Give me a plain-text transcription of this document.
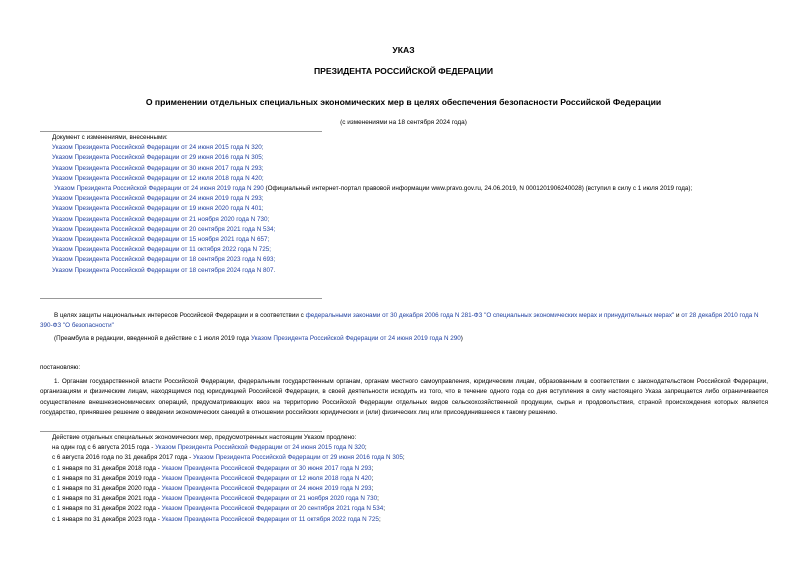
УКАЗ
ПРЕЗИДЕНТА РОССИЙСКОЙ ФЕДЕРАЦИИ
О применении отдельных специальных экономических мер в целях обеспечения безопасности Российской Федерации
(с изменениями на 18 сентября 2024 года)

Документ с изменениями, внесенными:

Указом Президента Российской Федерации от 24 июня 2015 года N 320;

Указом Президента Российской Федерации от 29 июня 2016 года N 305;

Указом Президента Российской Федерации от 30 июня 2017 года N 293;

Указом Президента Российской Федерации от 12 июля 2018 года N 420;

Указом Президента Российской Федерации от 24 июня 2019 года N 290 (Официальный интернет-портал правовой информации www.pravo.gov.ru, 24.06.2019, N 0001201906240028) (вступил в силу с 1 июля 2019 года);

Указом Президента Российской Федерации от 24 июня 2019 года N 293;

Указом Президента Российской Федерации от 19 июня 2020 года N 401;

Указом Президента Российской Федерации от 21 ноября 2020 года N 730;

Указом Президента Российской Федерации от 20 сентября 2021 года N 534;

Указом Президента Российской Федерации от 15 ноября 2021 года N 657;

Указом Президента Российской Федерации от 11 октября 2022 года N 725;

Указом Президента Российской Федерации от 18 сентября 2023 года N 693;

Указом Президента Российской Федерации от 18 сентября 2024 года N 807.

В целях защиты национальных интересов Российской Федерации и в соответствии с федеральными законами от 30 декабря 2006 года N 281-ФЗ "О специальных экономических мерах и принудительных мерах" и от 28 декабря 2010 года N 390-ФЗ "О безопасности"

(Преамбула в редакции, введенной в действие с 1 июля 2019 года Указом Президента Российской Федерации от 24 июня 2019 года N 290)

постановляю:

1. Органам государственной власти Российской Федерации, федеральным государственным органам, органам местного самоуправления, юридическим лицам, образованным в соответствии с законодательством Российской Федерации, организациям и физическим лицам, находящимся под юрисдикцией Российской Федерации, в своей деятельности исходить из того, что в течение одного года со дня вступления в силу настоящего Указа запрещается либо ограничивается осуществление внешнеэкономических операций, предусматривающих ввоз на территорию Российской Федерации отдельных видов сельскохозяйственной продукции, сырья и продовольствия, страной происхождения которых является государство, принявшее решение о введении экономических санкций в отношении российских юридических и (или) физических лиц или присоединившееся к такому решению.

Действие отдельных специальных экономических мер, предусмотренных настоящим Указом продлено:

на один год с 6 августа 2015 года - Указом Президента Российской Федерации от 24 июня 2015 года N 320;

с 6 августа 2016 года по 31 декабря 2017 года - Указом Президента Российской Федерации от 29 июня 2016 года N 305;

с 1 января по 31 декабря 2018 года - Указом Президента Российской Федерации от 30 июня 2017 года N 293;

с 1 января по 31 декабря 2019 года - Указом Президента Российской Федерации от 12 июля 2018 года N 420;

с 1 января по 31 декабря 2020 года - Указом Президента Российской Федерации от 24 июня 2019 года N 293;

с 1 января по 31 декабря 2021 года - Указом Президента Российской Федерации от 21 ноября 2020 года N 730;

с 1 января по 31 декабря 2022 года - Указом Президента Российской Федерации от 20 сентября 2021 года N 534;

с 1 января по 31 декабря 2023 года - Указом Президента Российской Федерации от 11 октября 2022 года N 725;
